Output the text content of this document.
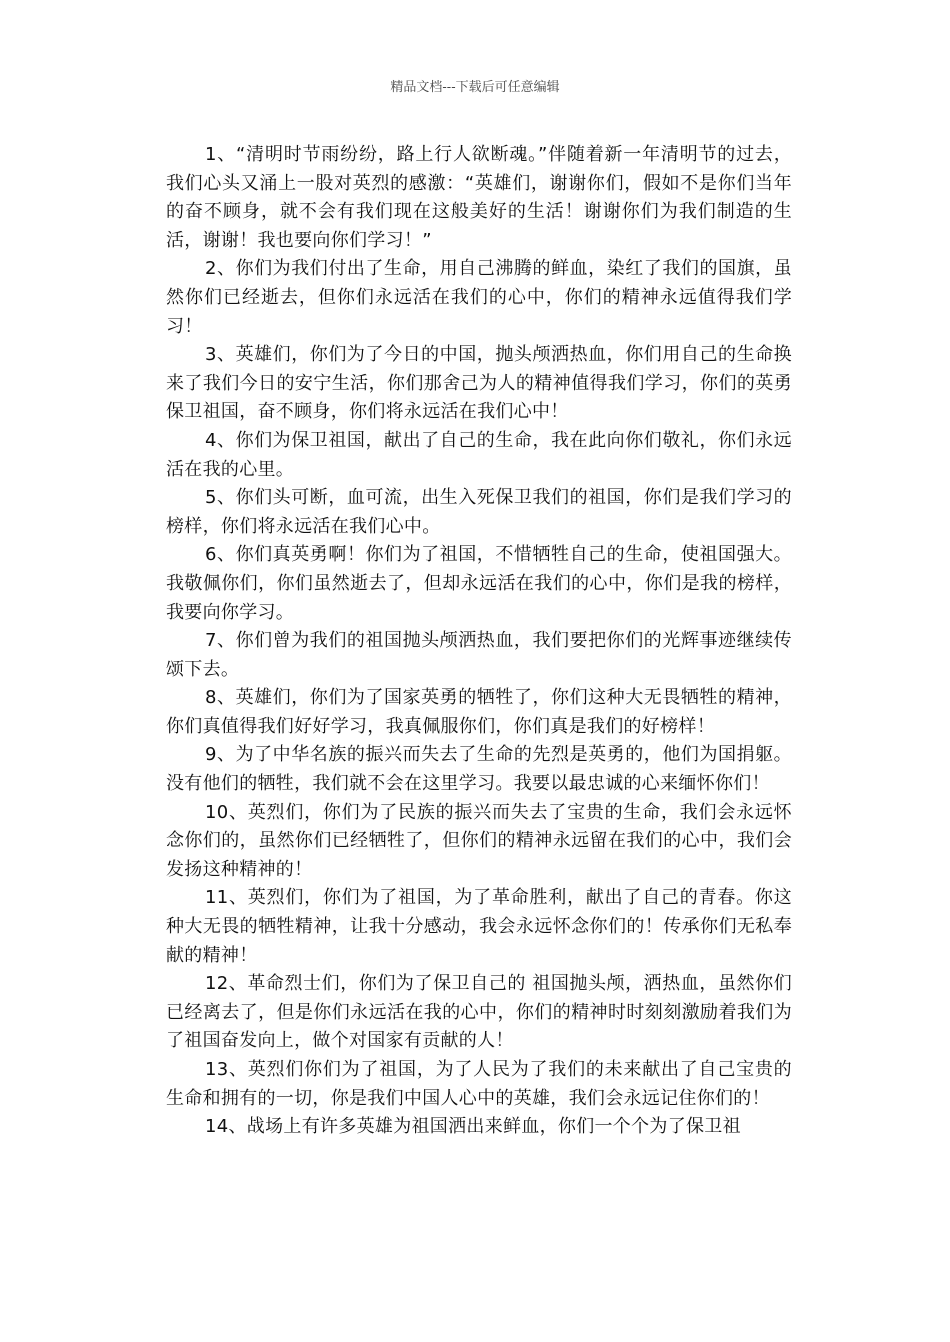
精品文档---下载后可任意编辑

1、“清明时节雨纷纷，路上行人欲断魂。”伴随着新一年清明节的过去，我们心头又涌上一股对英烈的感激：“英雄们，谢谢你们，假如不是你们当年的奋不顾身，就不会有我们现在这般美好的生活！谢谢你们为我们制造的生活，谢谢！我也要向你们学习！”

2、你们为我们付出了生命，用自己沸腾的鲜血，染红了我们的国旗，虽然你们已经逝去，但你们永远活在我们的心中，你们的精神永远值得我们学习！

3、英雄们，你们为了今日的中国，抛头颅洒热血，你们用自己的生命换来了我们今日的安宁生活，你们那舍己为人的精神值得我们学习，你们的英勇保卫祖国，奋不顾身，你们将永远活在我们心中！

4、你们为保卫祖国，献出了自己的生命，我在此向你们敬礼，你们永远活在我的心里。

5、你们头可断，血可流，出生入死保卫我们的祖国，你们是我们学习的榜样，你们将永远活在我们心中。

6、你们真英勇啊！你们为了祖国，不惜牺牲自己的生命，使祖国强大。我敬佩你们，你们虽然逝去了，但却永远活在我们的心中，你们是我的榜样，我要向你学习。

7、你们曾为我们的祖国抛头颅洒热血，我们要把你们的光辉事迹继续传颂下去。

8、英雄们，你们为了国家英勇的牺牲了，你们这种大无畏牺牲的精神，你们真值得我们好好学习，我真佩服你们，你们真是我们的好榜样！

9、为了中华名族的振兴而失去了生命的先烈是英勇的，他们为国捐躯。没有他们的牺牲，我们就不会在这里学习。我要以最忠诚的心来缅怀你们！

10、英烈们，你们为了民族的振兴而失去了宝贵的生命，我们会永远怀念你们的，虽然你们已经牺牲了，但你们的精神永远留在我们的心中，我们会发扬这种精神的！

11、英烈们，你们为了祖国，为了革命胜利，献出了自己的青春。你这种大无畏的牺牲精神，让我十分感动，我会永远怀念你们的！传承你们无私奉献的精神！

12、革命烈士们，你们为了保卫自己的 祖国抛头颅，洒热血，虽然你们已经离去了，但是你们永远活在我的心中，你们的精神时时刻刻激励着我们为了祖国奋发向上，做个对国家有贡献的人！

13、英烈们你们为了祖国，为了人民为了我们的未来献出了自己宝贵的生命和拥有的一切，你是我们中国人心中的英雄，我们会永远记住你们的！

14、战场上有许多英雄为祖国洒出来鲜血，你们一个个为了保卫祖
